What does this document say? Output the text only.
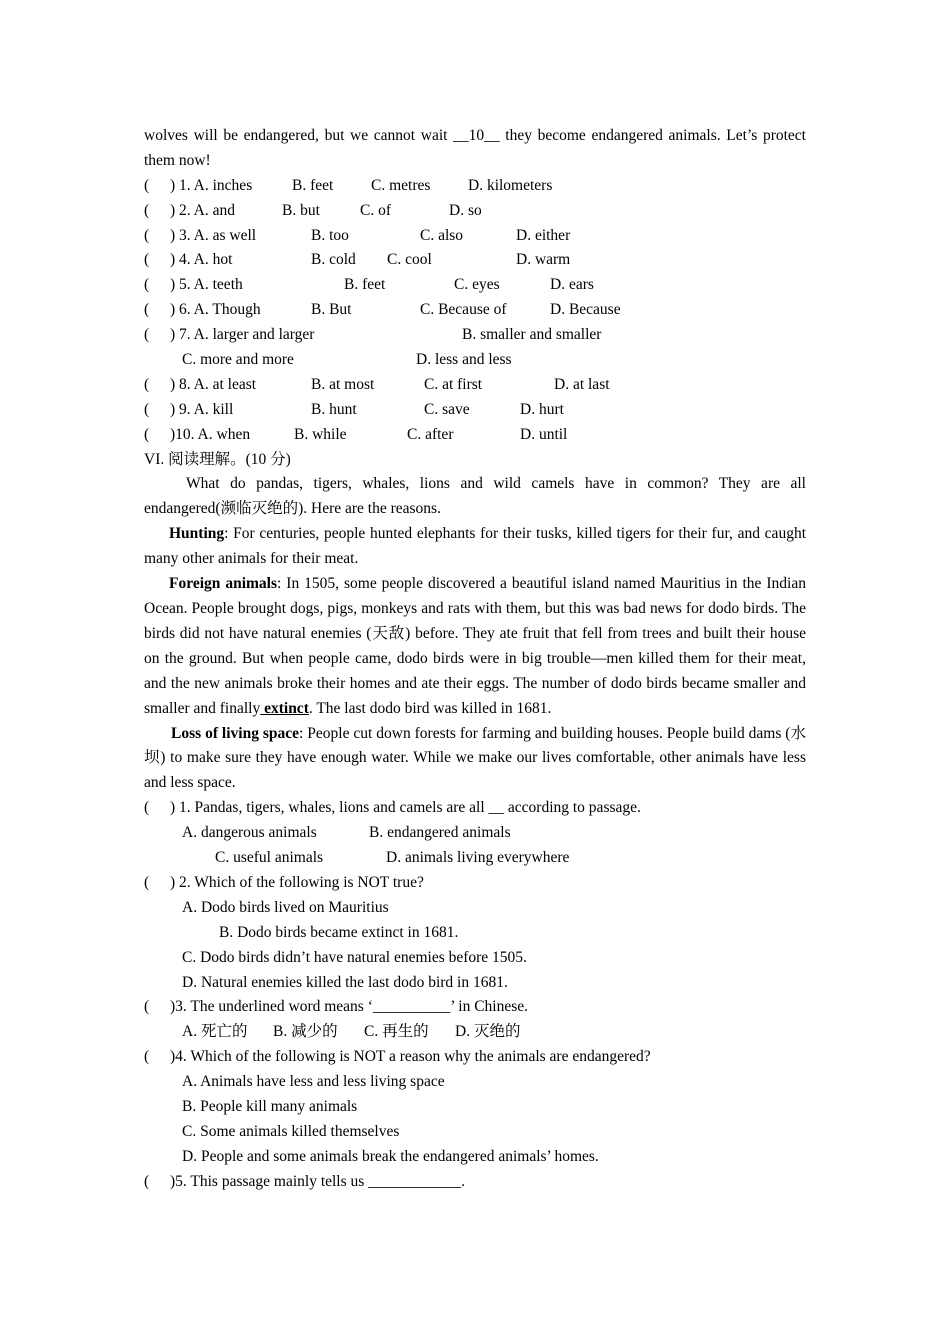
wolves will be endangered, but we cannot wait __10__ they become endangered animals. Let’s protect them now!
( ) 1. A. inches	B. feet C. metres D. kilometers
( ) 2. A. and	B. but	C. of	D. so
( ) 3. A. as well	B. too	C. also	D. either
( ) 4. A. hot	B. cold C. cool	D. warm
( ) 5. A. teeth	B. feet	C. eyes	D. ears
( ) 6. A. Though	B. But	C. Because of	D. Because
( ) 7. A. larger and larger	B. smaller and smaller
C. more and more	D. less and less
( ) 8. A. at least	B. at most	C. at first	D. at last
( ) 9. A. kill	B. hunt	C. save	D. hurt
( )10. A. when	B. while	C. after	D. until
VI. 阅读理解。(10 分)

What do pandas, tigers, whales, lions and wild camels have in common? They are all endangered(濒临灭绝的). Here are the reasons.

Hunting: For centuries, people hunted elephants for their tusks, killed tigers for their fur, and caught many other animals for their meat.

Foreign animals: In 1505, some people discovered a beautiful island named Mauritius in the Indian Ocean. People brought dogs, pigs, monkeys and rats with them, but this was bad news for dodo birds. The birds did not have natural enemies (天敌) before. They ate fruit that fell from trees and built their house on the ground. But when people came, dodo birds were in big trouble—men killed them for their meat, and the new animals broke their homes and ate their eggs. The number of dodo birds became smaller and smaller and finally extinct. The last dodo bird was killed in 1681.

Loss of living space: People cut down forests for farming and building houses. People build dams (水坝) to make sure they have enough water. While we make our lives comfortable, other animals have less and less space.

( ) 1. Pandas, tigers, whales, lions and camels are all __ according to passage.
A. dangerous animals	B. endangered animals
C. useful animals	D. animals living everywhere
( ) 2. Which of the following is NOT true?
A. Dodo birds lived on Mauritius
B. Dodo birds became extinct in 1681.
C. Dodo birds didn’t have natural enemies before 1505.
D. Natural enemies killed the last dodo bird in 1681.
( )3. The underlined word means ‘__________’ in Chinese.
A. 死亡的 B. 减少的 C. 再生的 D. 灭绝的
( )4. Which of the following is NOT a reason why the animals are endangered?
A. Animals have less and less living space
B. People kill many animals
C. Some animals killed themselves
D. People and some animals break the endangered animals’ homes.
( )5. This passage mainly tells us ____________.
